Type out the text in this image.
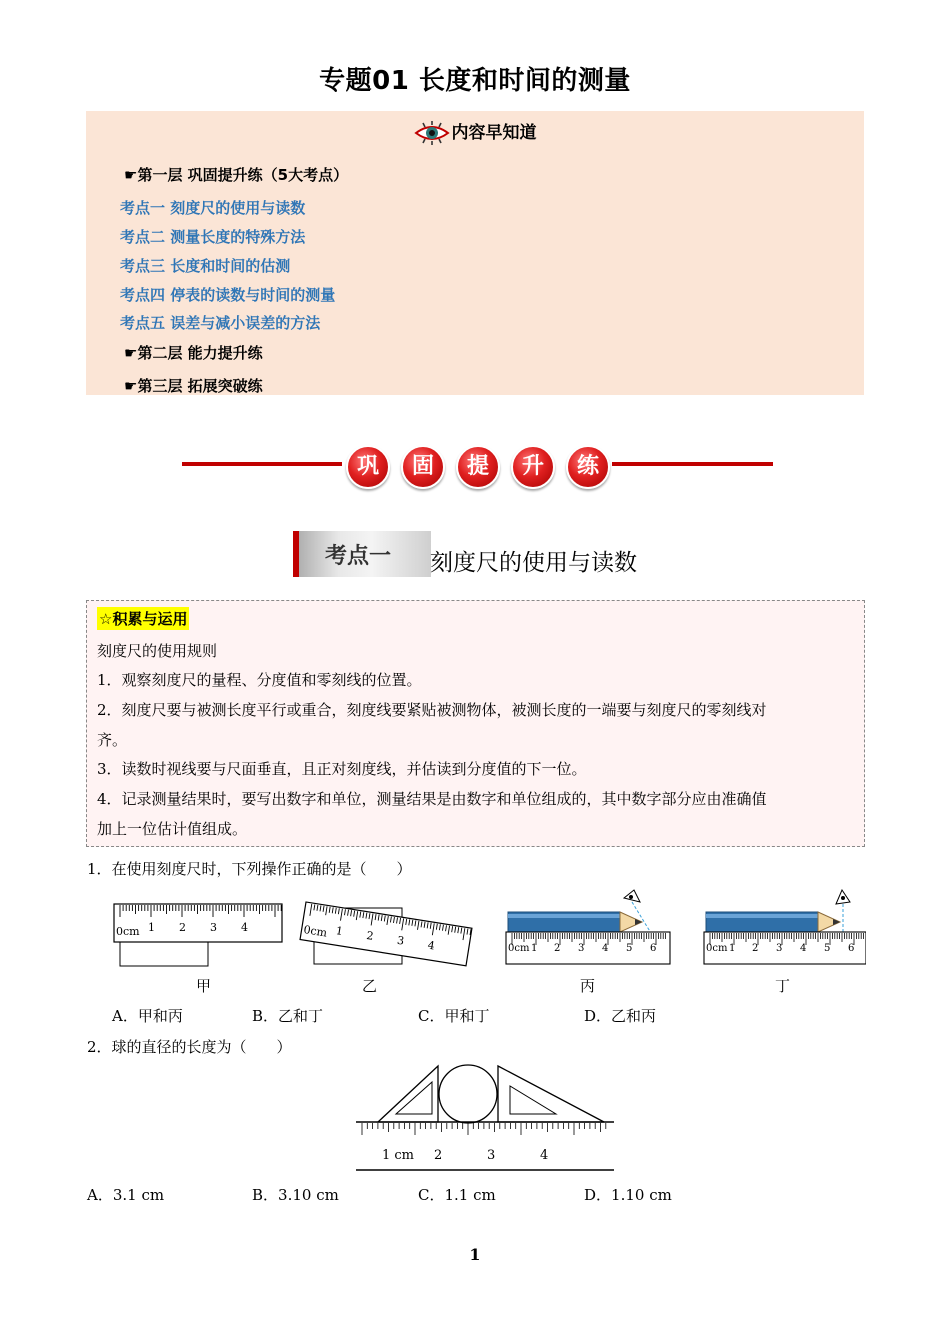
专题01 长度和时间的测量
内容早知道
☛第一层 巩固提升练（5大考点）
考点一 刻度尺的使用与读数
考点二 测量长度的特殊方法
考点三 长度和时间的估测
考点四 停表的读数与时间的测量
考点五 误差与减小误差的方法
☛第二层 能力提升练
☛第三层 拓展突破练
巩	固	提	升	练
考点一 刻度尺的使用与读数
☆积累与运用
刻度尺的使用规则
1．观察刻度尺的量程、分度值和零刻线的位置。
2．刻度尺要与被测长度平行或重合，刻度线要紧贴被测物体，被测长度的一端要与刻度尺的零刻线对
齐。
3．读数时视线要与尺面垂直，且正对刻度线，并估读到分度值的下一位。
4．记录测量结果时，要写出数字和单位，测量结果是由数字和单位组成的，其中数字部分应由准确值
加上一位估计值组成。
1．在使用刻度尺时，下列操作正确的是（　　）
0cm 1 2 3 4	0cm 1 2 3 4	0cm 1 2 3 4 5 6	0cm 1 2 3 4 5 6
甲	乙	丙	丁
A．甲和丙	B．乙和丁	C．甲和丁	D．乙和丙
2．球的直径的长度为（　　）
1 cm 2	3	4
A．3.1 cm	B．3.10 cm	C．1.1 cm	D．1.10 cm
1
